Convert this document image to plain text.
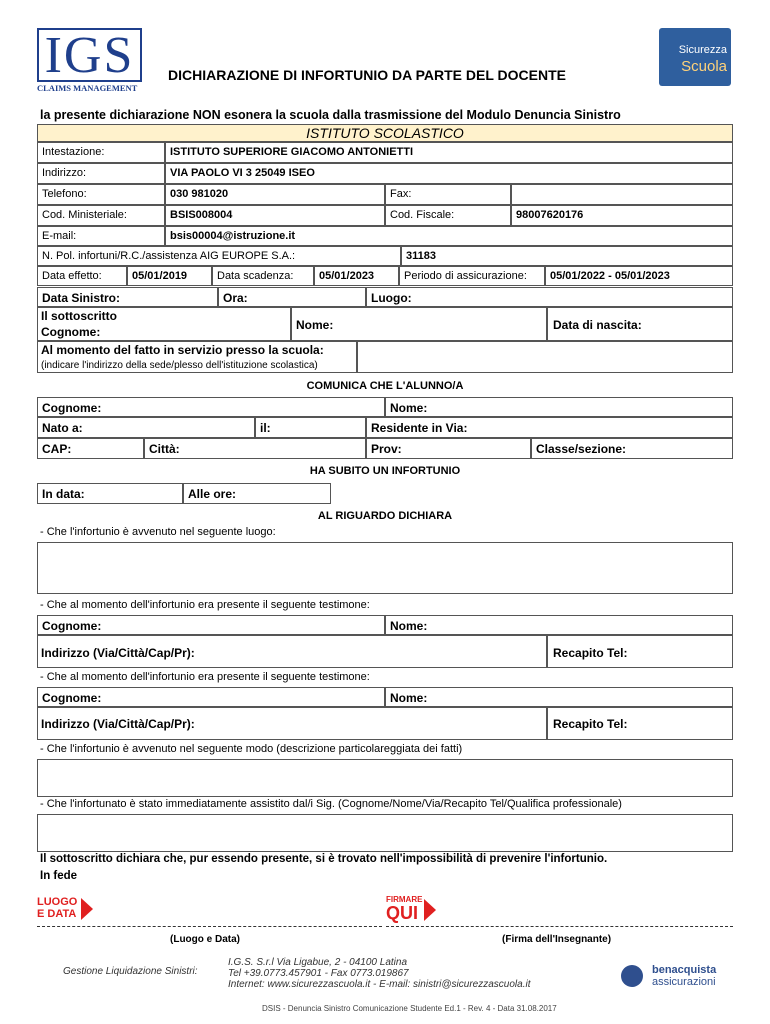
IGS
CLAIMS MANAGEMENT
DICHIARAZIONE DI INFORTUNIO DA PARTE DEL DOCENTE
Sicurezza
Scuola
la presente dichiarazione NON esonera la scuola dalla trasmissione del Modulo Denuncia Sinistro
ISTITUTO SCOLASTICO
Intestazione:	ISTITUTO SUPERIORE GIACOMO ANTONIETTI
Indirizzo:	VIA PAOLO VI 3 25049 ISEO
Telefono:	030 981020	Fax:
Cod. Ministeriale:	BSIS008004	Cod. Fiscale:	98007620176
E-mail:	bsis00004@istruzione.it
N. Pol. infortuni/R.C./assistenza AIG EUROPE S.A.:	31183
Data effetto:	05/01/2019	Data scadenza:	05/01/2023	Periodo di assicurazione:	05/01/2022 - 05/01/2023
Data Sinistro:	Ora:	Luogo:
Il sottoscritto
Cognome:	Nome:	Data di nascita:
Al momento del fatto in servizio presso la scuola:
(indicare l'indirizzo della sede/plesso dell'istituzione scolastica)
COMUNICA CHE L'ALUNNO/A
Cognome:	Nome:
Nato a:	il:	Residente in Via:
CAP:	Città:	Prov:	Classe/sezione:
HA SUBITO UN INFORTUNIO
In data:	Alle ore:
AL RIGUARDO DICHIARA
- Che l'infortunio è avvenuto nel seguente luogo:
- Che al momento dell'infortunio era presente il seguente testimone:
Cognome:	Nome:
Indirizzo (Via/Città/Cap/Pr):	Recapito Tel:
- Che al momento dell'infortunio era presente il seguente testimone:
Cognome:	Nome:
Indirizzo (Via/Città/Cap/Pr):	Recapito Tel:
- Che l'infortunio è avvenuto nel seguente modo (descrizione particolareggiata dei fatti)
- Che l'infortunato è stato immediatamente assistito dal/i Sig. (Cognome/Nome/Via/Recapito Tel/Qualifica professionale)
Il sottoscritto dichiara che, pur essendo presente, si è trovato nell'impossibilità di prevenire l'infortunio.
In fede
LUOGO
E DATA
FIRMARE
QUI
(Luogo e Data)	(Firma dell'Insegnante)
Gestione Liquidazione Sinistri:
I.G.S. S.r.l Via Ligabue, 2 - 04100 Latina
Tel +39.0773.457901 - Fax 0773.019867
Internet: www.sicurezzascuola.it - E-mail: sinistri@sicurezzascuola.it
benacquista
assicurazioni
DSIS - Denuncia Sinistro Comunicazione Studente Ed.1 - Rev. 4 - Data 31.08.2017
